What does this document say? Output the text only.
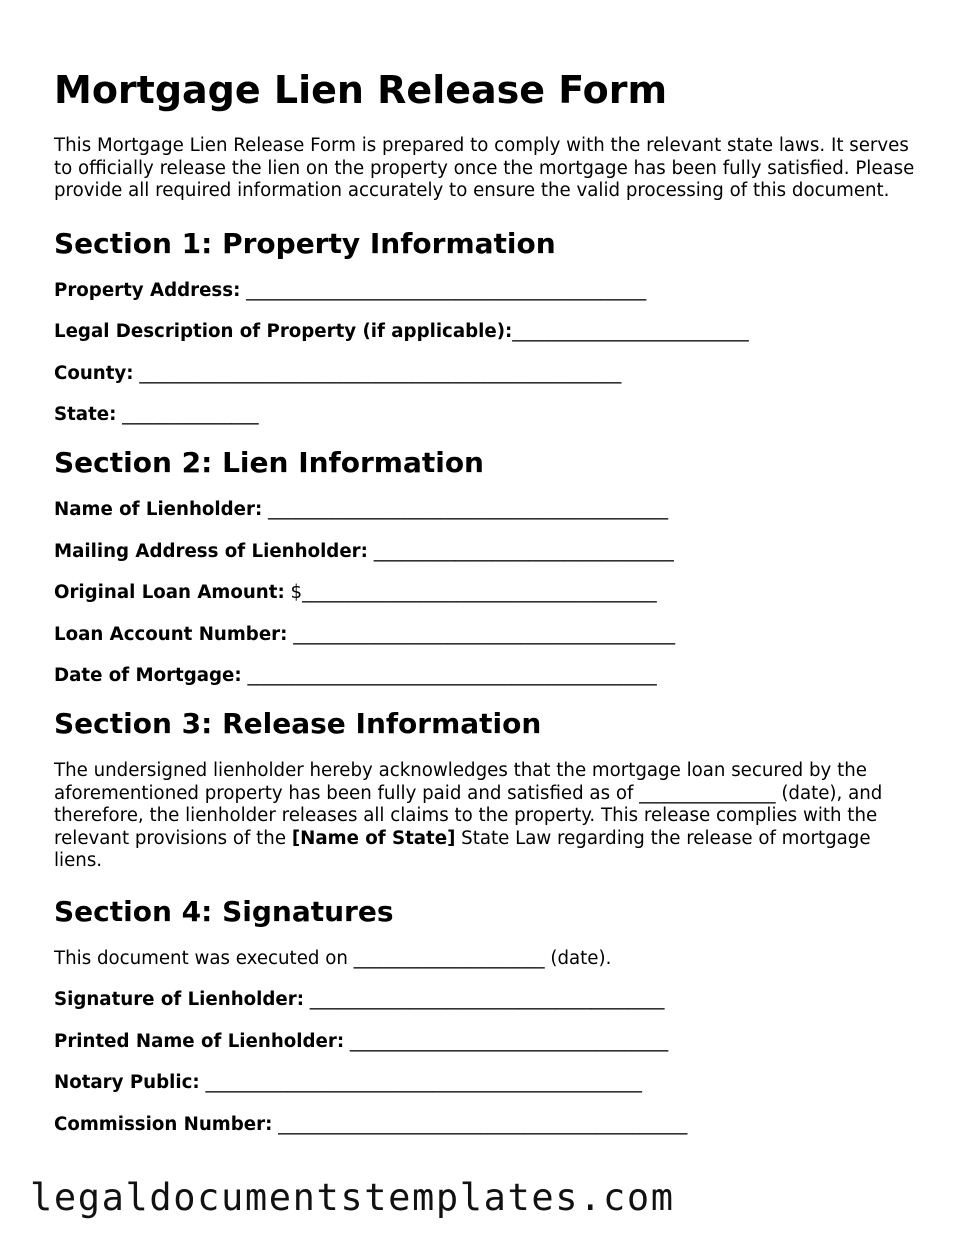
Mortgage Lien Release Form

This Mortgage Lien Release Form is prepared to comply with the relevant state laws. It serves to officially release the lien on the property once the mortgage has been fully satisfied. Please provide all required information accurately to ensure the valid processing of this document.

Section 1: Property Information

Property Address: ____________________________________________

Legal Description of Property (if applicable):__________________________

County: _____________________________________________________

State: _______________

Section 2: Lien Information

Name of Lienholder: ____________________________________________

Mailing Address of Lienholder: _________________________________

Original Loan Amount: $_______________________________________

Loan Account Number: __________________________________________

Date of Mortgage: _____________________________________________

Section 3: Release Information

The undersigned lienholder hereby acknowledges that the mortgage loan secured by the aforementioned property has been fully paid and satisfied as of _______________ (date), and therefore, the lienholder releases all claims to the property. This release complies with the relevant provisions of the [Name of State] State Law regarding the release of mortgage liens.

Section 4: Signatures

This document was executed on _____________________ (date).

Signature of Lienholder: _______________________________________

Printed Name of Lienholder: ___________________________________

Notary Public: ________________________________________________

Commission Number: _____________________________________________

legaldocumentstemplates.com
